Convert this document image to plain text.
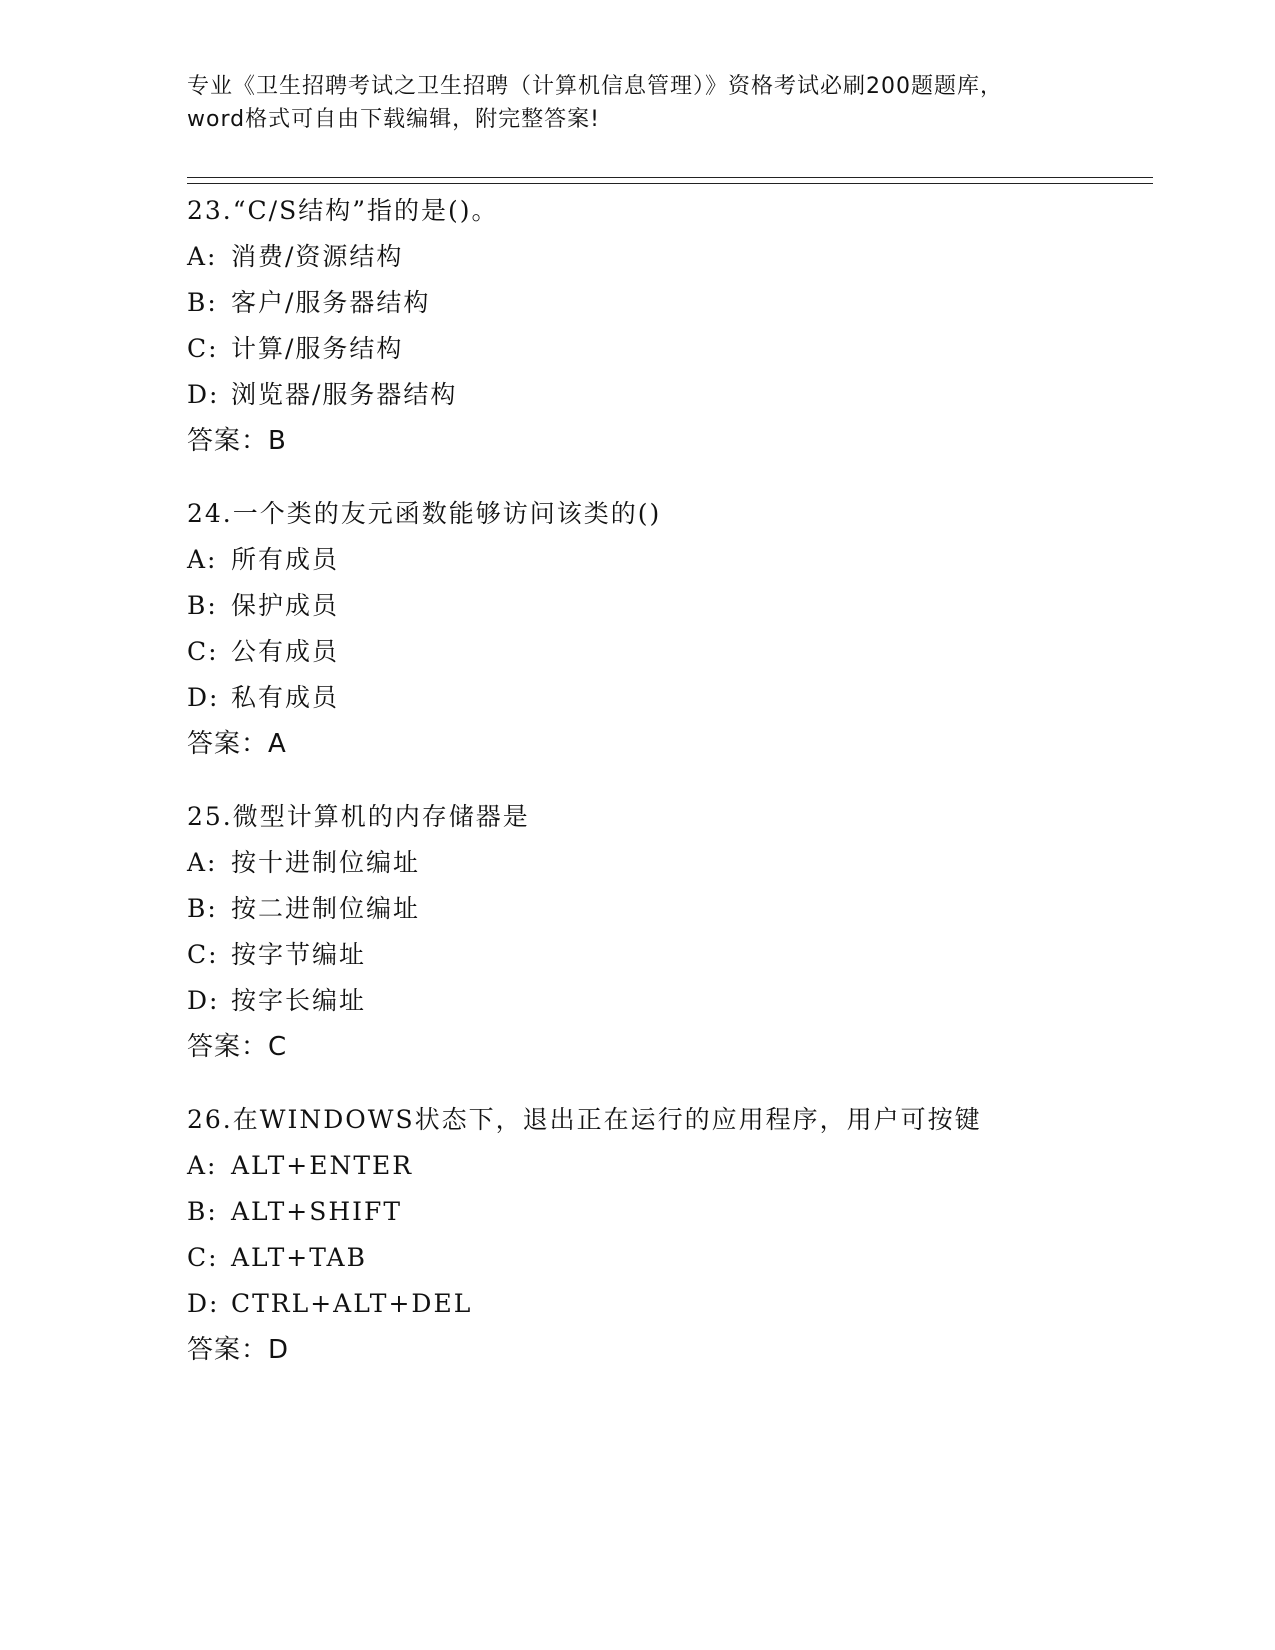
专业《卫生招聘考试之卫生招聘（计算机信息管理）》资格考试必刷200题题库，
word格式可自由下载编辑，附完整答案!
23.“C/S结构”指的是()。
A: 消费/资源结构
B: 客户/服务器结构
C: 计算/服务结构
D: 浏览器/服务器结构
答案：B
24.一个类的友元函数能够访问该类的()
A: 所有成员
B: 保护成员
C: 公有成员
D: 私有成员
答案：A
25.微型计算机的内存储器是
A: 按十进制位编址
B: 按二进制位编址
C: 按字节编址
D: 按字长编址
答案：C
26.在WINDOWS状态下，退出正在运行的应用程序，用户可按键
A: ALT+ENTER
B: ALT+SHIFT
C: ALT+TAB
D: CTRL+ALT+DEL
答案：D
